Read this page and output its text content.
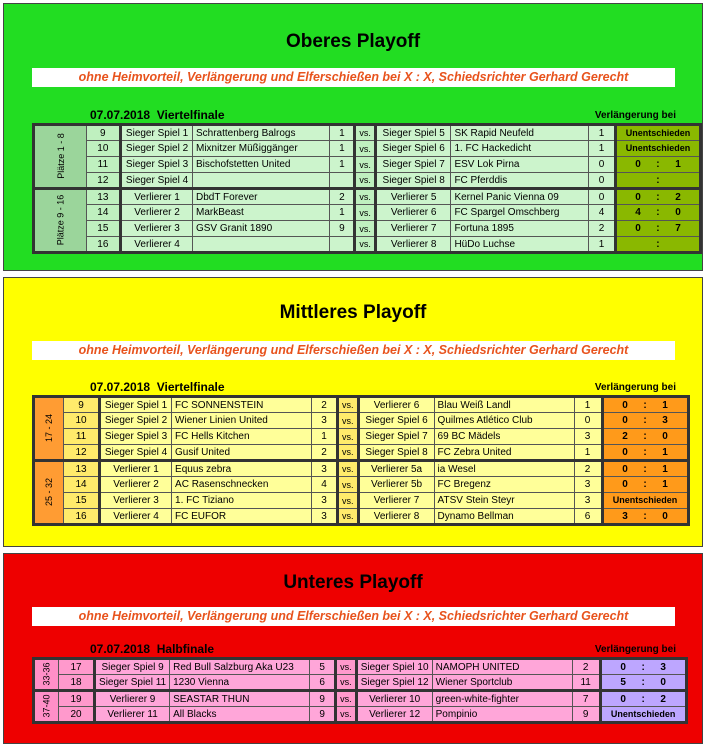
Oberes Playoff
ohne Heimvorteil, Verlängerung und Elferschießen bei X : X, Schiedsrichter Gerhard Gerecht
07.07.2018 Viertelfinale	Verlängerung bei
Plätze 1 - 8	9	Sieger Spiel 1	Schrattenberg Balrogs	1	vs.	Sieger Spiel 5	SK Rapid Neufeld	1	Unentschieden
	10	Sieger Spiel 2	Mixnitzer Müßiggänger	1	vs.	Sieger Spiel 6	1. FC Hackedicht	1	Unentschieden
	11	Sieger Spiel 3	Bischofstetten United	1	vs.	Sieger Spiel 7	ESV Lok Pirna	0	0 : 1
	12	Sieger Spiel 4			vs.	Sieger Spiel 8	FC Pferddis	0	:
Plätze 9 - 16	13	Verlierer 1	DbdT Forever	2	vs.	Verlierer 5	Kernel Panic Vienna 09	0	0 : 2
	14	Verlierer 2	MarkBeast	1	vs.	Verlierer 6	FC Spargel Omschberg	4	4 : 0
	15	Verlierer 3	GSV Granit 1890	9	vs.	Verlierer 7	Fortuna 1895	2	0 : 7
	16	Verlierer 4			vs.	Verlierer 8	HüDo Luchse	1	:
Mittleres Playoff
ohne Heimvorteil, Verlängerung und Elferschießen bei X : X, Schiedsrichter Gerhard Gerecht
07.07.2018 Viertelfinale	Verlängerung bei
17 - 24	9	Sieger Spiel 1	FC SONNENSTEIN	2	vs.	Verlierer 6	Blau Weiß Landl	1	0 : 1
	10	Sieger Spiel 2	Wiener Linien United	3	vs.	Sieger Spiel 6	Quilmes Atlético Club	0	0 : 3
	11	Sieger Spiel 3	FC Hells Kitchen	1	vs.	Sieger Spiel 7	69 BC Mädels	3	2 : 0
	12	Sieger Spiel 4	Gusif United	2	vs.	Sieger Spiel 8	FC Zebra United	1	0 : 1
25 - 32	13	Verlierer 1	Equus zebra	3	vs.	Verlierer 5a	ia Wesel	2	0 : 1
	14	Verlierer 2	AC Rasenschnecken	4	vs.	Verlierer 5b	FC Bregenz	3	0 : 1
	15	Verlierer 3	1. FC Tiziano	3	vs.	Verlierer 7	ATSV Stein Steyr	3	Unentschieden
	16	Verlierer 4	FC EUFOR	3	vs.	Verlierer 8	Dynamo Bellman	6	3 : 0
Unteres Playoff
ohne Heimvorteil, Verlängerung und Elferschießen bei X : X, Schiedsrichter Gerhard Gerecht
07.07.2018 Halbfinale	Verlängerung bei
33-36	17	Sieger Spiel 9	Red Bull Salzburg Aka U23	5	vs.	Sieger Spiel 10	NAMOPH UNITED	2	0 : 3
	18	Sieger Spiel 11	1230 Vienna	6	vs.	Sieger Spiel 12	Wiener Sportclub	11	5 : 0
37-40	19	Verlierer 9	SEASTAR THUN	9	vs.	Verlierer 10	green-white-fighter	7	0 : 2
	20	Verlierer 11	All Blacks	9	vs.	Verlierer 12	Pompinio	9	Unentschieden
